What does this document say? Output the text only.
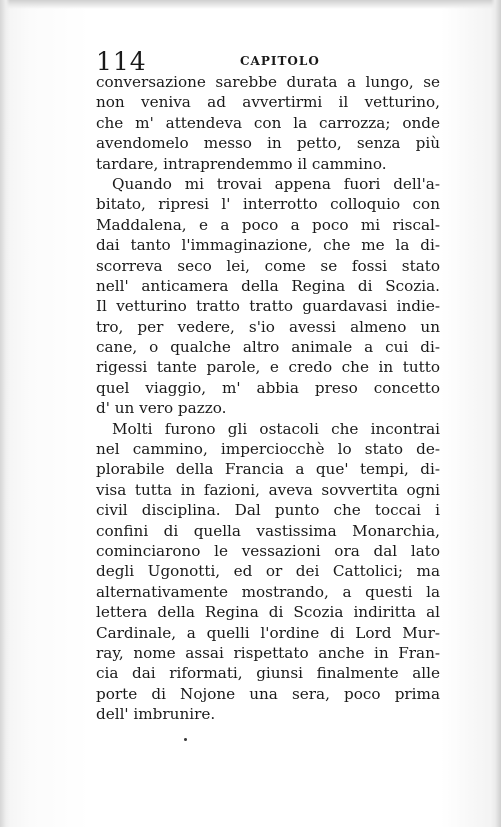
114	CAPITOLO
conversazione sarebbe durata a lungo, se
non veniva ad avvertirmi il vetturino,
che m' attendeva con la carrozza; onde
avendomelo messo in petto, senza più
tardare, intraprendemmo il cammino.
Quando mi trovai appena fuori dell'a-
bitato, ripresi l' interrotto colloquio con
Maddalena, e a poco a poco mi riscal-
dai tanto l'immaginazione, che me la di-
scorreva seco lei, come se fossi stato
nell' anticamera della Regina di Scozia.
Il vetturino tratto tratto guardavasi indie-
tro, per vedere, s'io avessi almeno un
cane, o qualche altro animale a cui di-
rigessi tante parole, e credo che in tutto
quel viaggio, m' abbia preso concetto
d' un vero pazzo.
Molti furono gli ostacoli che incontrai
nel cammino, imperciocchè lo stato de-
plorabile della Francia a que' tempi, di-
visa tutta in fazioni, aveva sovvertita ogni
civil disciplina. Dal punto che toccai i
confini di quella vastissima Monarchia,
cominciarono le vessazioni ora dal lato
degli Ugonotti, ed or dei Cattolici; ma
alternativamente mostrando, a questi la
lettera della Regina di Scozia indiritta al
Cardinale, a quelli l'ordine di Lord Mur-
ray, nome assai rispettato anche in Fran-
cia dai riformati, giunsi finalmente alle
porte di Nojone una sera, poco prima
dell' imbrunire.
